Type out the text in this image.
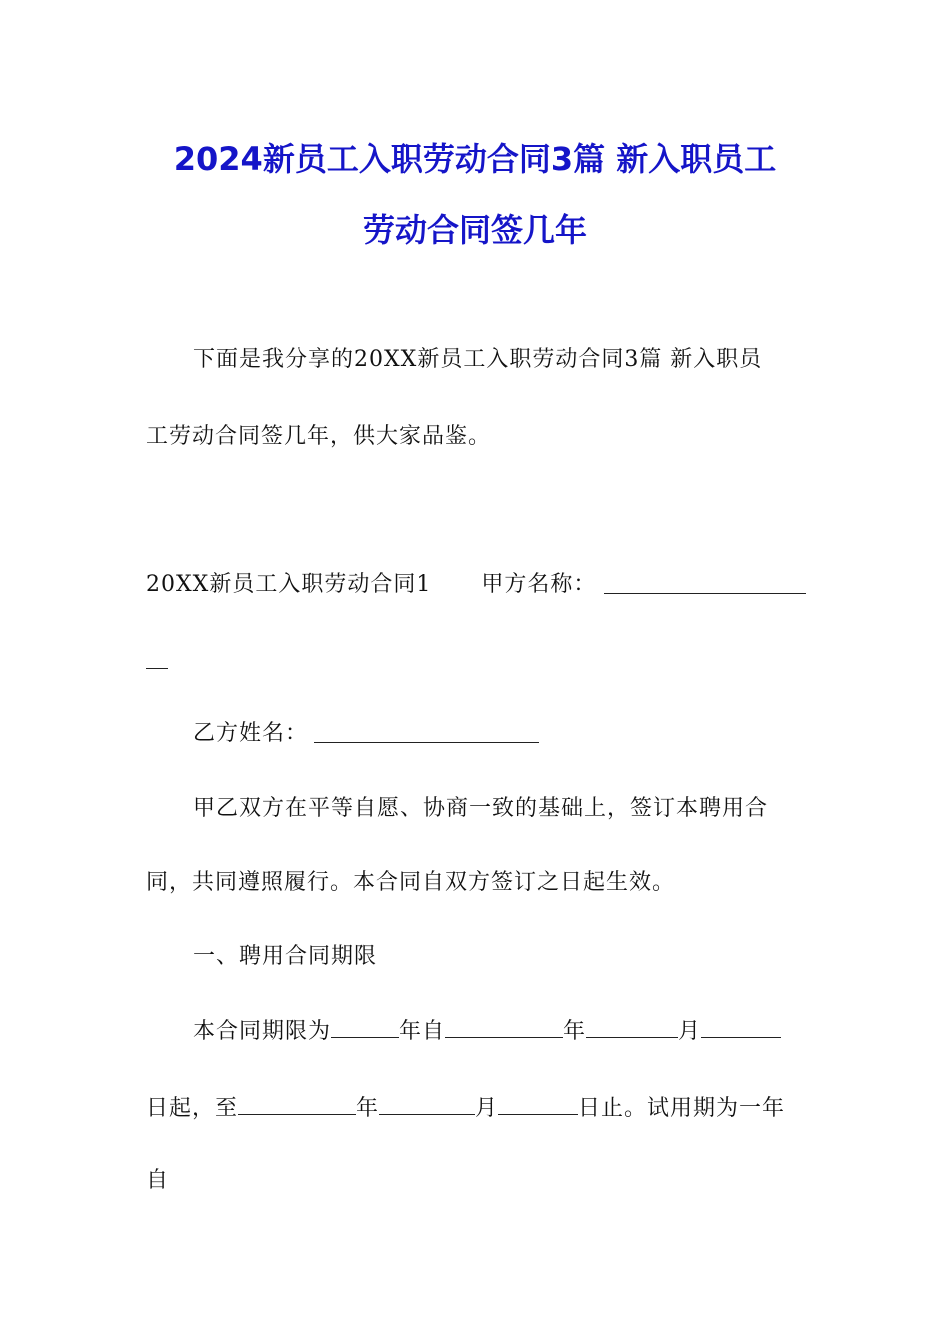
2024新员工入职劳动合同3篇 新入职员工
劳动合同签几年
下面是我分享的20XX新员工入职劳动合同3篇 新入职员
工劳动合同签几年，供大家品鉴。
20XX新员工入职劳动合同1 甲方名称：
乙方姓名：
甲乙双方在平等自愿、协商一致的基础上，签订本聘用合
同，共同遵照履行。本合同自双方签订之日起生效。
一、聘用合同期限
本合同期限为	年自	年	月
日起，至	年	月	日止。试用期为一年
自
